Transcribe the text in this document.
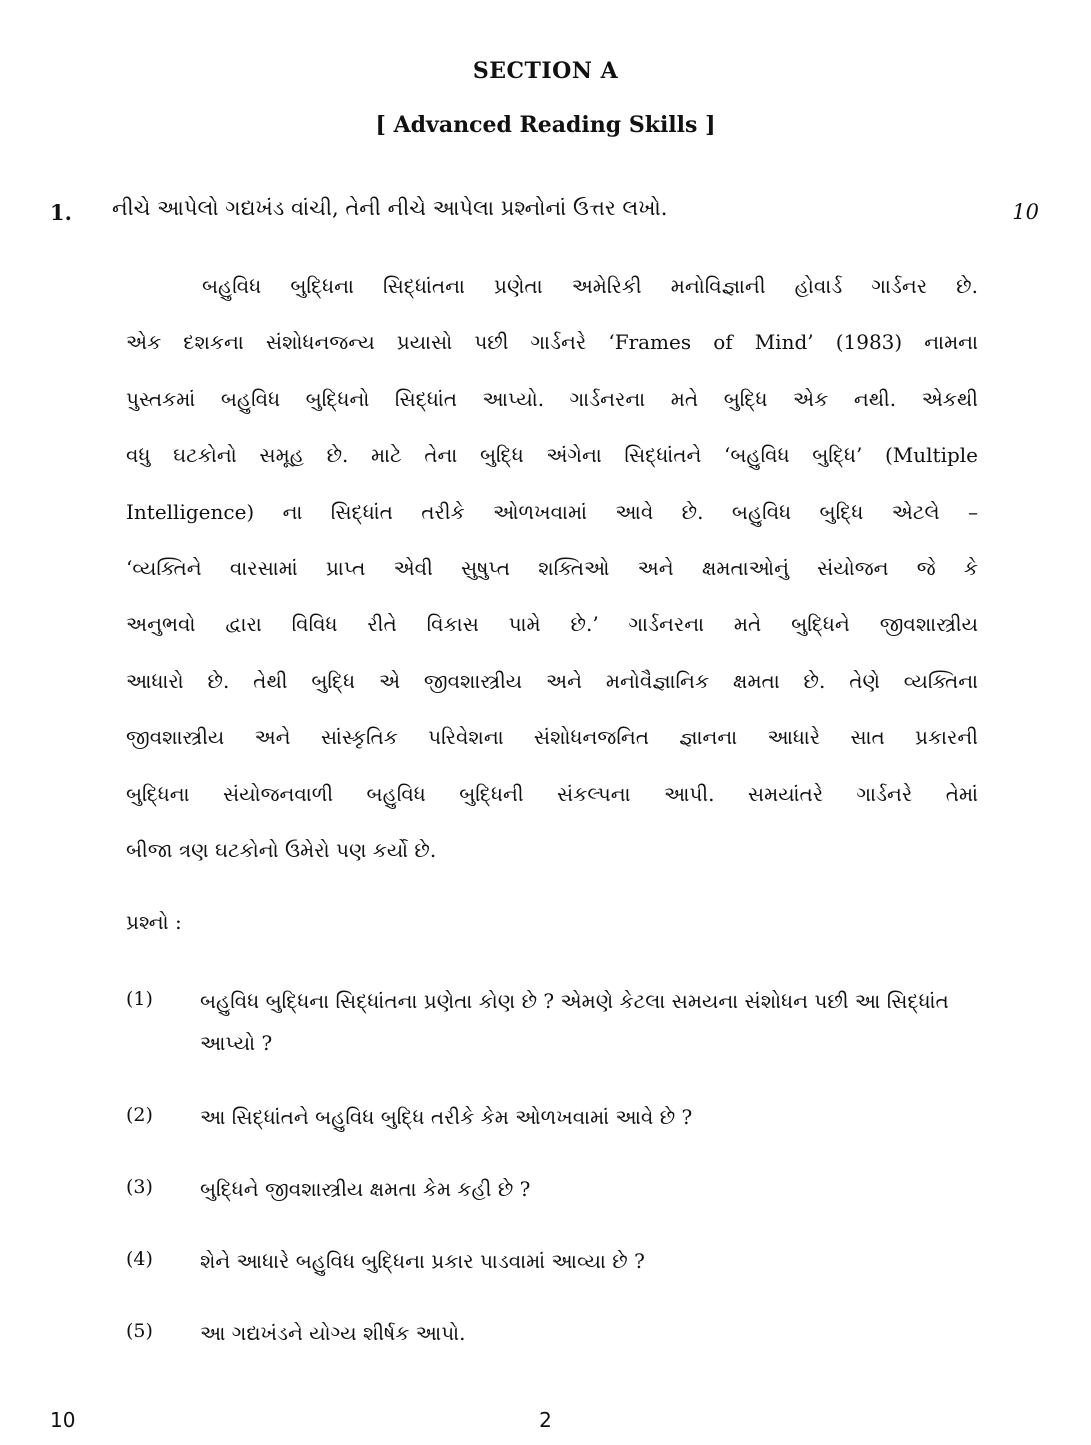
SECTION A
[ Advanced Reading Skills ]
1. નીચે આપેલો ગદ્યખંડ વાંચી, તેની નીચે આપેલા પ્રશ્નોનાં ઉત્તર લખો.	10
બહુવિધ બુદ્ધિના સિદ્ધાંતના પ્રણેતા અમેરિકી મનોવિજ્ઞાની હોવાર્ડ ગાર્ડનર છે.
એક દશકના સંશોધનજન્ય પ્રયાસો પછી ગાર્ડનરે ‘Frames of Mind’ (1983) નામના
પુસ્તકમાં બહુવિધ બુદ્ધિનો સિદ્ધાંત આપ્યો. ગાર્ડનરના મતે બુદ્ધિ એક નથી. એકથી
વધુ ઘટકોનો સમૂહ છે. માટે તેના બુદ્ધિ અંગેના સિદ્ધાંતને ‘બહુવિધ બુદ્ધિ’ (Multiple
Intelligence) ના સિદ્ધાંત તરીકે ઓળખવામાં આવે છે. બહુવિધ બુદ્ધિ એટલે –
‘વ્યક્તિને વારસામાં પ્રાપ્ત એવી સુષુપ્ત શક્તિઓ અને ક્ષમતાઓનું સંયોજન જે કે
અનુભવો દ્વારા વિવિધ રીતે વિકાસ પામે છે.’ ગાર્ડનરના મતે બુદ્ધિને જીવશાસ્ત્રીય
આધારો છે. તેથી બુદ્ધિ એ જીવશાસ્ત્રીય અને મનોવૈજ્ઞાનિક ક્ષમતા છે. તેણે વ્યક્તિના
જીવશાસ્ત્રીય અને સાંસ્કૃતિક પરિવેશના સંશોધનજનિત જ્ઞાનના આધારે સાત પ્રકારની
બુદ્ધિના સંયોજનવાળી બહુવિધ બુદ્ધિની સંકલ્પના આપી. સમયાંતરે ગાર્ડનરે તેમાં
બીજા ત્રણ ઘટકોનો ઉમેરો પણ કર્યો છે.
પ્રશ્નો :
(1) બહુવિધ બુદ્ધિના સિદ્ધાંતના પ્રણેતા કોણ છે ? એમણે કેટલા સમયના સંશોધન પછી આ સિદ્ધાંત આપ્યો ?
(2) આ સિદ્ધાંતને બહુવિધ બુદ્ધિ તરીકે કેમ ઓળખવામાં આવે છે ?
(3) બુદ્ધિને જીવશાસ્ત્રીય ક્ષમતા કેમ કહી છે ?
(4) શેને આધારે બહુવિધ બુદ્ધિના પ્રકાર પાડવામાં આવ્યા છે ?
(5) આ ગદ્યખંડને યોગ્ય શીર્ષક આપો.
10	2
